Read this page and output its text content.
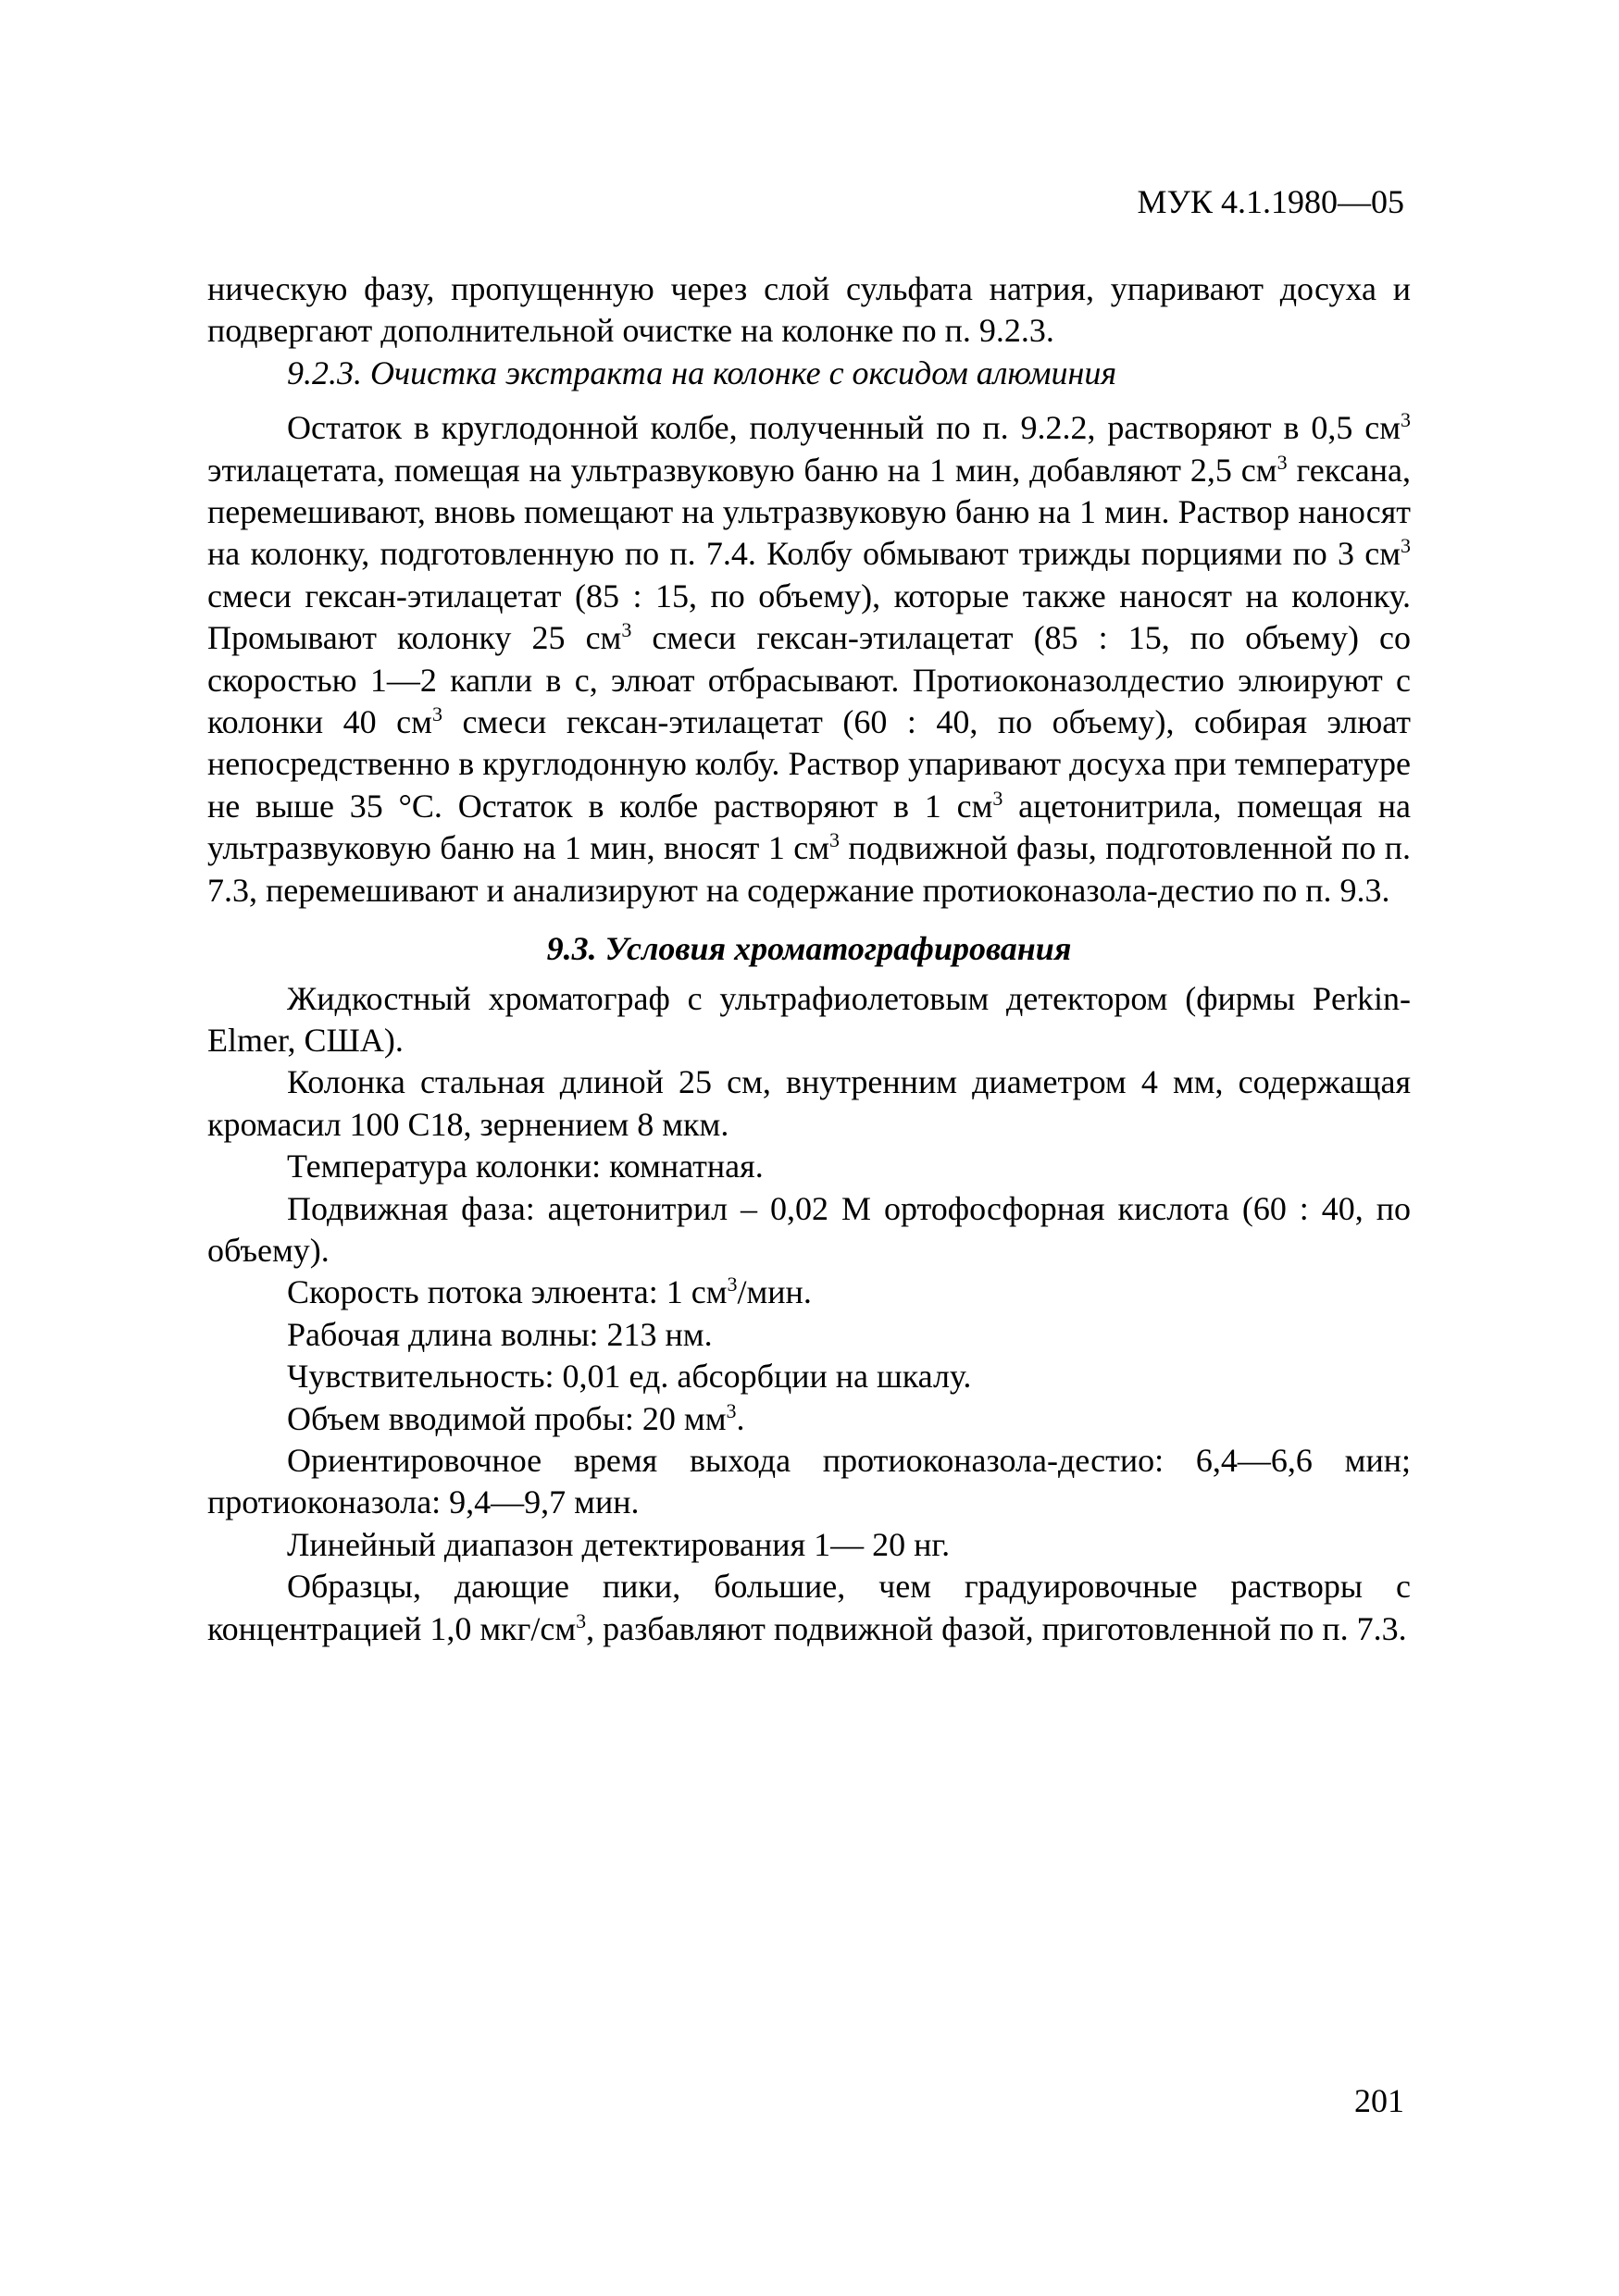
МУК 4.1.1980—05

ническую фазу, пропущенную через слой сульфата натрия, упаривают досуха и подвергают дополнительной очистке на колонке по п. 9.2.3.

9.2.3. Очистка экстракта на колонке с оксидом алюминия

Остаток в круглодонной колбе, полученный по п. 9.2.2, растворяют в 0,5 $см^3$ этилацетата, помещая на ультразвуковую баню на 1 мин, добавляют 2,5 $см^3$ гексана, перемешивают, вновь помещают на ультразвуковую баню на 1 мин. Раствор наносят на колонку, подготовленную по п. 7.4. Колбу обмывают трижды порциями по 3 $см^3$ смеси гексан-этилацетат (85 : 15, по объему), которые также наносят на колонку. Промывают колонку 25 $см^3$ смеси гексан-этилацетат (85 : 15, по объему) со скоростью 1—2 капли в с, элюат отбрасывают. Протиоконазолдестио элюируют с колонки 40 $см^3$ смеси гексан-этилацетат (60 : 40, по объему), собирая элюат непосредственно в круглодонную колбу. Раствор упаривают досуха при температуре не выше 35 °С. Остаток в колбе растворяют в 1 $см^3$ ацетонитрила, помещая на ультразвуковую баню на 1 мин, вносят 1 $см^3$ подвижной фазы, подготовленной по п. 7.3, перемешивают и анализируют на содержание протиоконазола-дестио по п. 9.3.

9.3. Условия хроматографирования

Жидкостный хроматограф с ультрафиолетовым детектором (фирмы Perkin-Elmer, США).

Колонка стальная длиной 25 см, внутренним диаметром 4 мм, содержащая кромасил 100 С18, зернением 8 мкм.

Температура колонки: комнатная.

Подвижная фаза: ацетонитрил – 0,02 М ортофосфорная кислота (60 : 40, по объему).

Скорость потока элюента: 1 $см^3$/мин.

Рабочая длина волны: 213 нм.

Чувствительность: 0,01 ед. абсорбции на шкалу.

Объем вводимой пробы: 20 $мм^3$.

Ориентировочное время выхода протиоконазола-дестио: 6,4—6,6 мин; протиоконазола: 9,4—9,7 мин.

Линейный диапазон детектирования 1— 20 нг.

Образцы, дающие пики, большие, чем градуировочные растворы с концентрацией 1,0 мкг/$см^3$, разбавляют подвижной фазой, приготовленной по п. 7.3.

201
